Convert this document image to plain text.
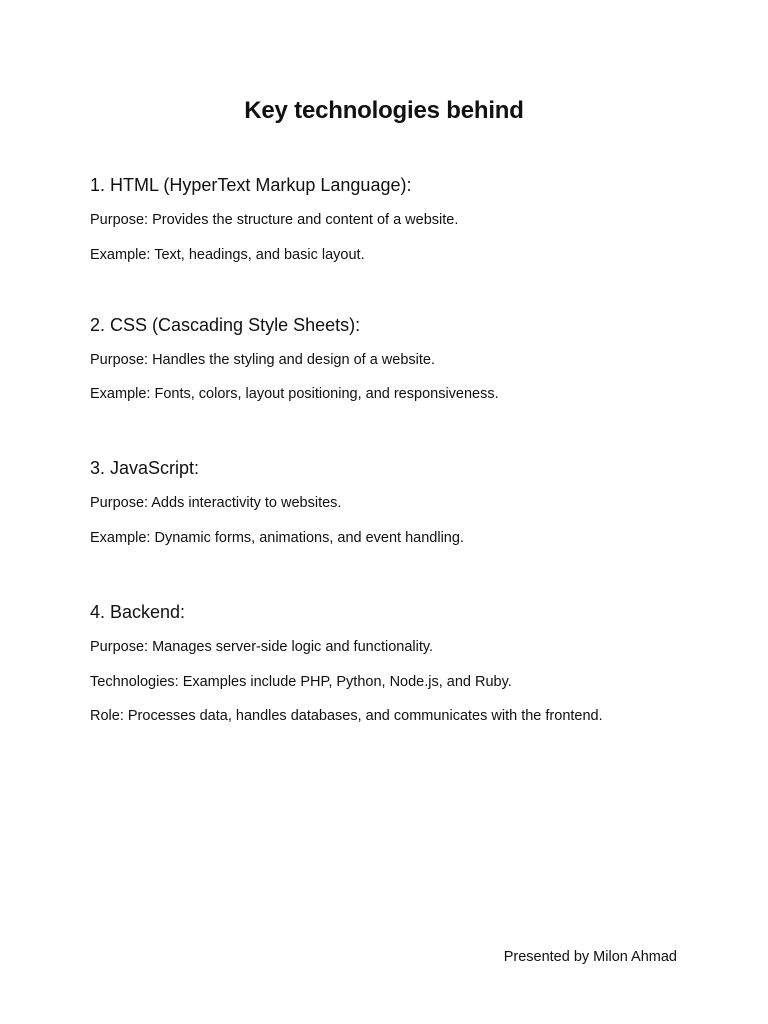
Key technologies behind
1. HTML (HyperText Markup Language):

Purpose: Provides the structure and content of a website.

Example: Text, headings, and basic layout.

2. CSS (Cascading Style Sheets):

Purpose: Handles the styling and design of a website.

Example: Fonts, colors, layout positioning, and responsiveness.

3. JavaScript:

Purpose: Adds interactivity to websites.

Example: Dynamic forms, animations, and event handling.

4. Backend:

Purpose: Manages server-side logic and functionality.

Technologies: Examples include PHP, Python, Node.js, and Ruby.

Role: Processes data, handles databases, and communicates with the frontend.

Presented by Milon Ahmad
